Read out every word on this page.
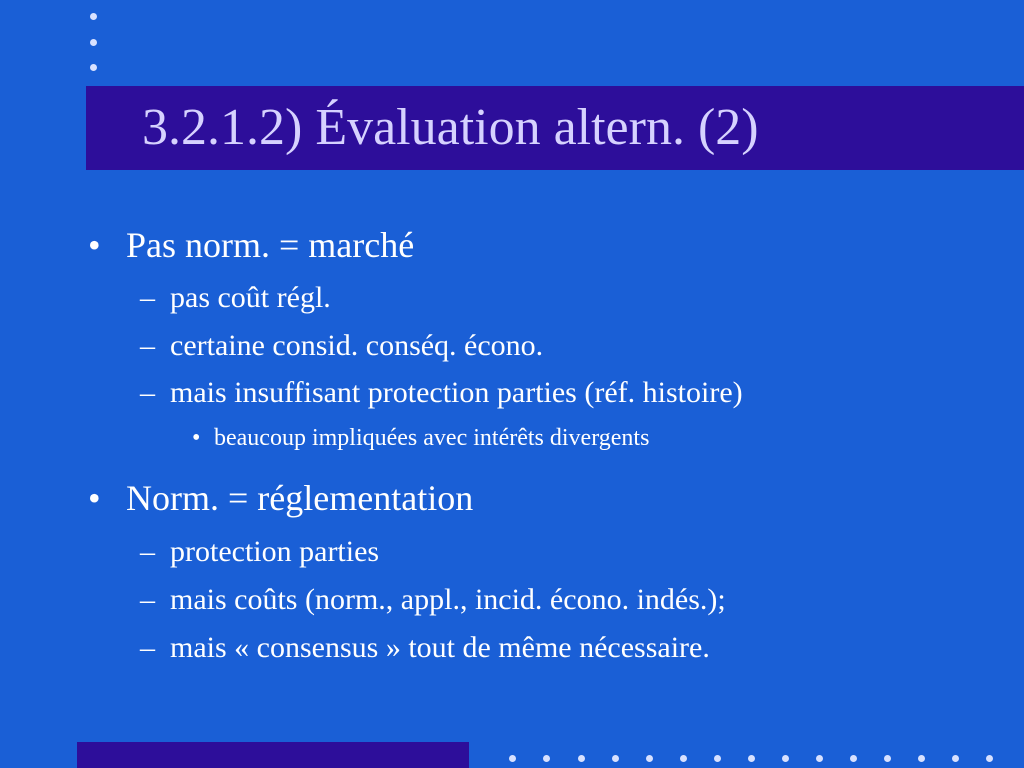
3.2.1.2) Évaluation altern. (2)
• Pas norm. = marché
– pas coût régl.
– certaine consid. conséq. écono.
– mais insuffisant protection parties (réf. histoire)
• beaucoup impliquées avec intérêts divergents
• Norm. = réglementation
– protection parties
– mais coûts (norm., appl., incid. écono. indés.);
– mais « consensus » tout de même nécessaire.
